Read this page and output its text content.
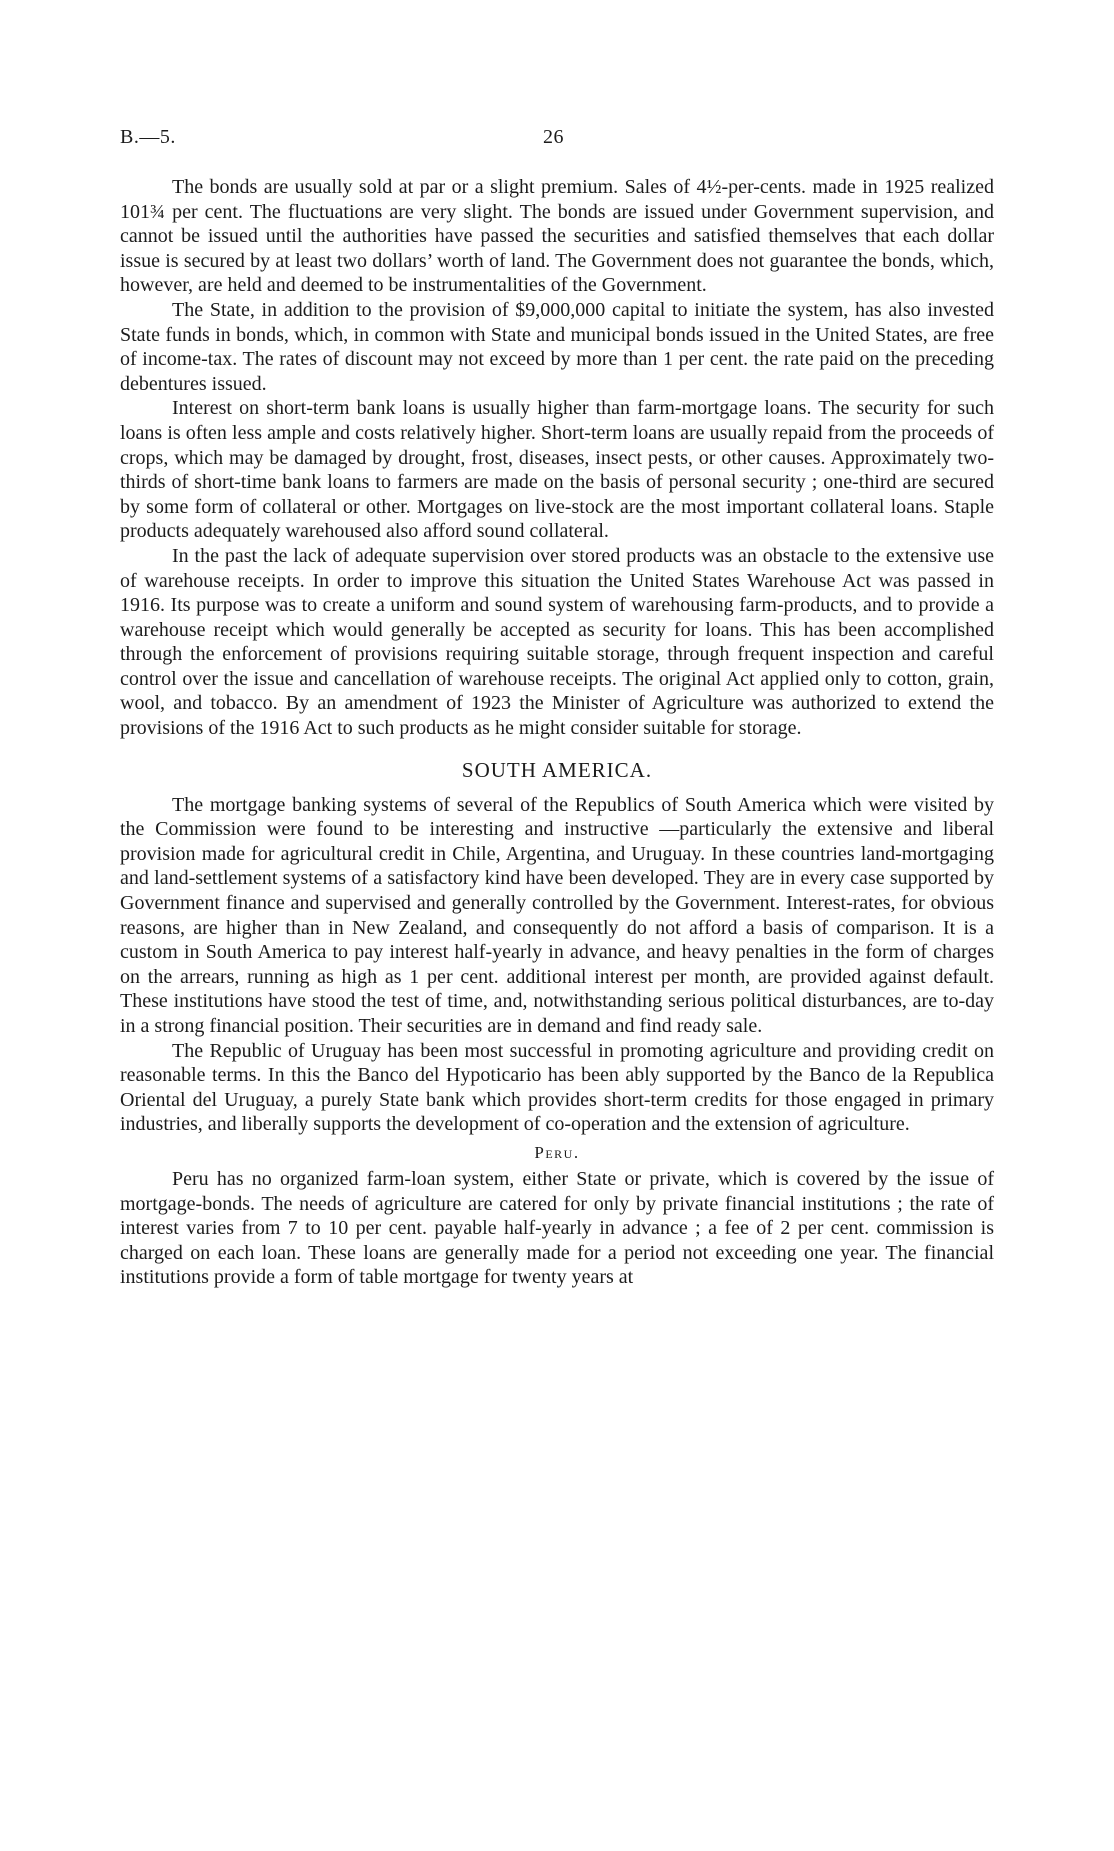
B.—5.	26

The bonds are usually sold at par or a slight premium. Sales of 4½-per-cents. made in 1925 realized 101¾ per cent. The fluctuations are very slight. The bonds are issued under Government supervision, and cannot be issued until the authorities have passed the securities and satisfied themselves that each dollar issue is secured by at least two dollars’ worth of land. The Government does not guarantee the bonds, which, however, are held and deemed to be instrumentalities of the Government.

The State, in addition to the provision of $9,000,000 capital to initiate the system, has also invested State funds in bonds, which, in common with State and municipal bonds issued in the United States, are free of income-tax. The rates of discount may not exceed by more than 1 per cent. the rate paid on the preceding debentures issued.

Interest on short-term bank loans is usually higher than farm-mortgage loans. The security for such loans is often less ample and costs relatively higher. Short-term loans are usually repaid from the proceeds of crops, which may be damaged by drought, frost, diseases, insect pests, or other causes. Approximately two-thirds of short-time bank loans to farmers are made on the basis of personal security ; one-third are secured by some form of collateral or other. Mortgages on live-stock are the most important collateral loans. Staple products adequately warehoused also afford sound collateral.

In the past the lack of adequate supervision over stored products was an obstacle to the extensive use of warehouse receipts. In order to improve this situation the United States Warehouse Act was passed in 1916. Its purpose was to create a uniform and sound system of warehousing farm-products, and to provide a warehouse receipt which would generally be accepted as security for loans. This has been accomplished through the enforcement of provisions requiring suitable storage, through frequent inspection and careful control over the issue and cancellation of warehouse receipts. The original Act applied only to cotton, grain, wool, and tobacco. By an amendment of 1923 the Minister of Agriculture was authorized to extend the provisions of the 1916 Act to such products as he might consider suitable for storage.

SOUTH AMERICA.

The mortgage banking systems of several of the Republics of South America which were visited by the Commission were found to be interesting and instructive —particularly the extensive and liberal provision made for agricultural credit in Chile, Argentina, and Uruguay. In these countries land-mortgaging and land-settlement systems of a satisfactory kind have been developed. They are in every case supported by Government finance and supervised and generally controlled by the Government. Interest-rates, for obvious reasons, are higher than in New Zealand, and consequently do not afford a basis of comparison. It is a custom in South America to pay interest half-yearly in advance, and heavy penalties in the form of charges on the arrears, running as high as 1 per cent. additional interest per month, are provided against default. These institutions have stood the test of time, and, notwithstanding serious political disturbances, are to-day in a strong financial position. Their securities are in demand and find ready sale.

The Republic of Uruguay has been most successful in promoting agriculture and providing credit on reasonable terms. In this the Banco del Hypoticario has been ably supported by the Banco de la Republica Oriental del Uruguay, a purely State bank which provides short-term credits for those engaged in primary industries, and liberally supports the development of co-operation and the extension of agriculture.

Peru.

Peru has no organized farm-loan system, either State or private, which is covered by the issue of mortgage-bonds. The needs of agriculture are catered for only by private financial institutions ; the rate of interest varies from 7 to 10 per cent. payable half-yearly in advance ; a fee of 2 per cent. commission is charged on each loan. These loans are generally made for a period not exceeding one year. The financial institutions provide a form of table mortgage for twenty years at
